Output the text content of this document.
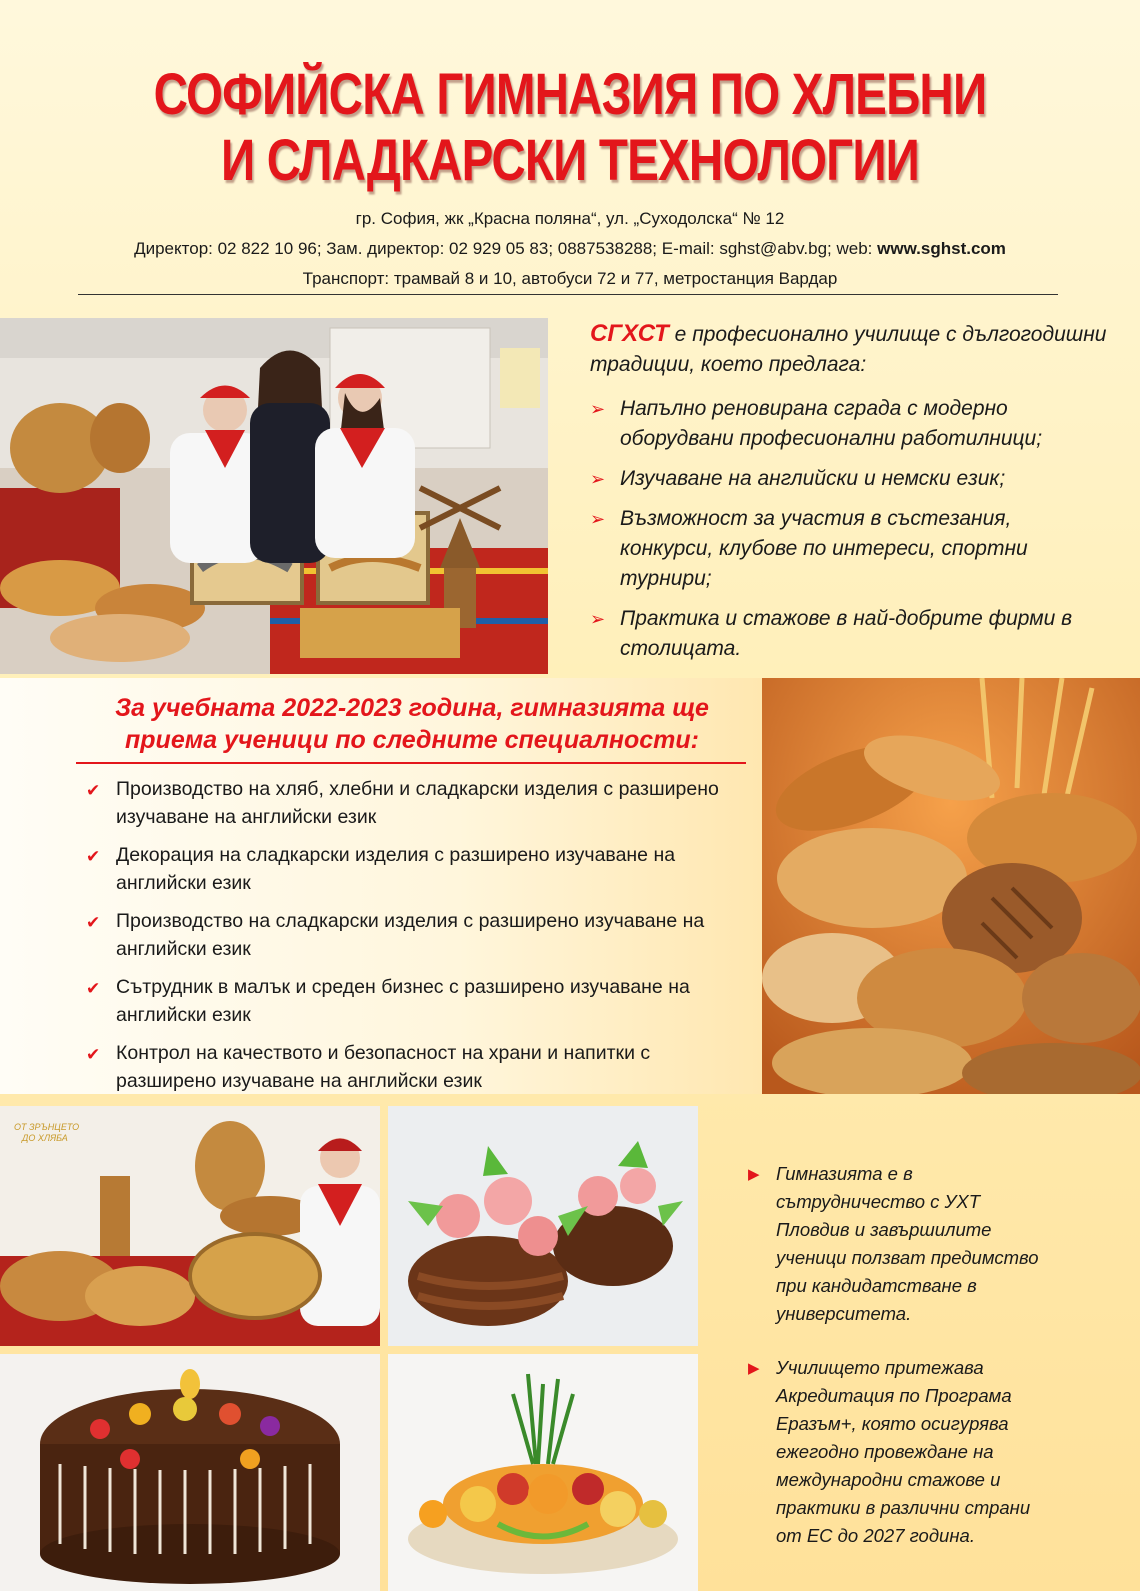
СОФИЙСКА ГИМНАЗИЯ ПО ХЛЕБНИ
И СЛАДКАРСКИ ТЕХНОЛОГИИ
гр. София, жк „Красна поляна“, ул. „Суходолска“ № 12
Директор: 02 822 10 96; Зам. директор: 02 929 05 83; 0887538288; E-mail: sghst@abv.bg; web: www.sghst.com
Транспорт: трамвай 8 и 10, автобуси 72 и 77, метростанция Вардар
СГХСТ е професионално училище с дългогодишни традиции, което предлага:
➢ Напълно реновирана сграда с модерно оборудвани професионални работилници;
➢ Изучаване на английски и немски език;
➢ Възможност за участия в състезания, конкурси, клубове по интереси, спортни турнири;
➢ Практика и стажове в най-добрите фирми в столицата.
За учебната 2022-2023 година, гимназията ще
приема ученици по следните специалности:
✔ Производство на хляб, хлебни и сладкарски изделия с разширено изучаване на английски език
✔ Декорация на сладкарски изделия с разширено изучаване на английски език
✔ Производство на сладкарски изделия с разширено изучаване на английски език
✔ Сътрудник в малък и среден бизнес с разширено изучаване на английски език
✔ Контрол на качеството и безопасност на храни и напитки с разширено изучаване на английски език
ОТ ЗРЪНЦЕТО
ДО ХЛЯБА
▶ Гимназията е в сътрудничество с УХТ Пловдив и завършилите ученици ползват предимство при кандидатстване в университета.
▶ Училището притежава Акредитация по Програма Еразъм+, която осигурява ежегодно провеждане на международни стажове и практики в различни страни от ЕС до 2027 година.
